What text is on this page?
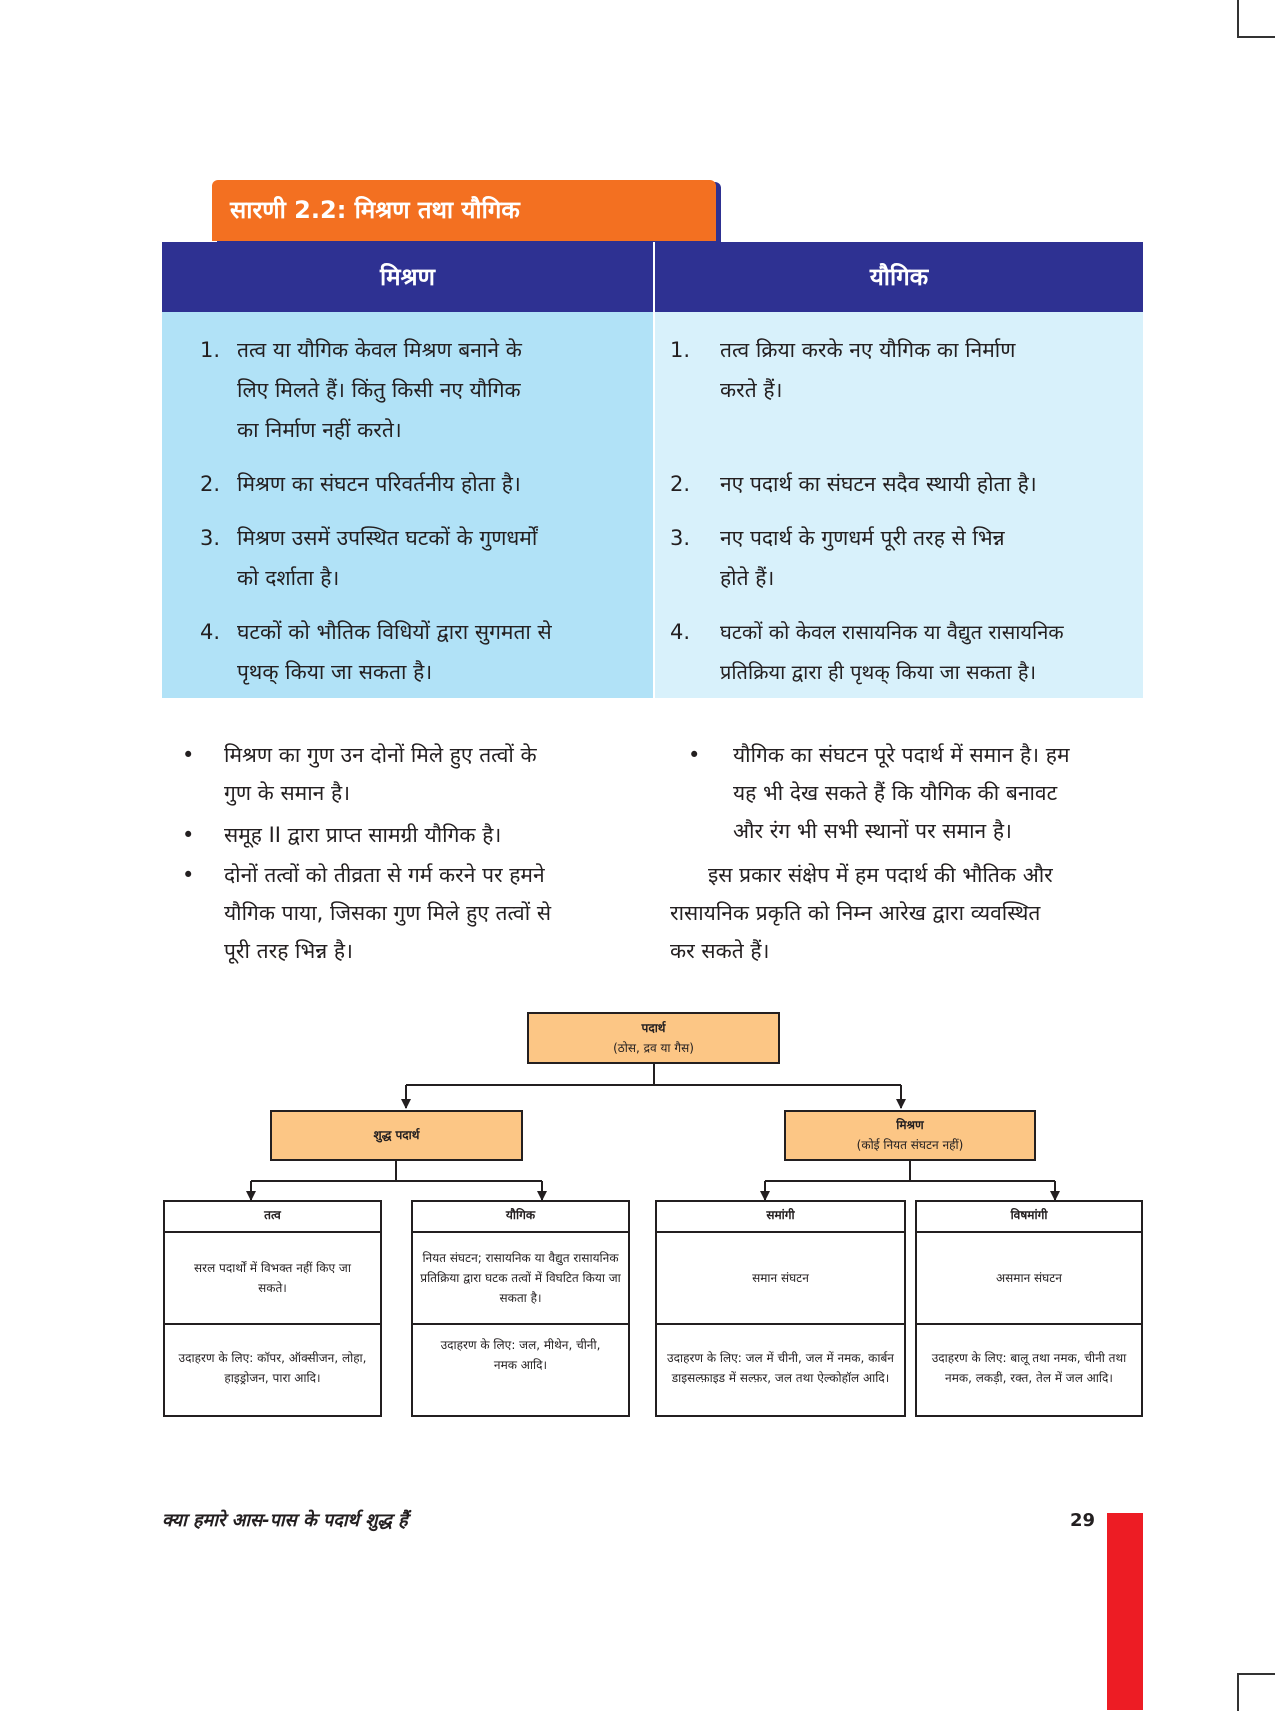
सारणी 2.2: मिश्रण तथा यौगिक
मिश्रण	यौगिक
1. तत्व या यौगिक केवल मिश्रण बनाने के
लिए मिलते हैं। किंतु किसी नए यौगिक
का निर्माण नहीं करते।
2. मिश्रण का संघटन परिवर्तनीय होता है।
3. मिश्रण उसमें उपस्थित घटकों के गुणधर्मों
को दर्शाता है।
4. घटकों को भौतिक विधियों द्वारा सुगमता से
पृथक् किया जा सकता है।
1. तत्व क्रिया करके नए यौगिक का निर्माण
करते हैं।
2. नए पदार्थ का संघटन सदैव स्थायी होता है।
3. नए पदार्थ के गुणधर्म पूरी तरह से भिन्न
होते हैं।
4. घटकों को केवल रासायनिक या वैद्युत रासायनिक
प्रतिक्रिया द्वारा ही पृथक् किया जा सकता है।
• मिश्रण का गुण उन दोनों मिले हुए तत्वों के
गुण के समान है।
• समूह II द्वारा प्राप्त सामग्री यौगिक है।
• दोनों तत्वों को तीव्रता से गर्म करने पर हमने
यौगिक पाया, जिसका गुण मिले हुए तत्वों से
पूरी तरह भिन्न है।
• यौगिक का संघटन पूरे पदार्थ में समान है। हम
यह भी देख सकते हैं कि यौगिक की बनावट
और रंग भी सभी स्थानों पर समान है।
इस प्रकार संक्षेप में हम पदार्थ की भौतिक और
रासायनिक प्रकृति को निम्न आरेख द्वारा व्यवस्थित
कर सकते हैं।
पदार्थ
(ठोस, द्रव या गैस)
शुद्ध पदार्थ
मिश्रण
(कोई नियत संघटन नहीं)
तत्व
सरल पदार्थों में विभक्त नहीं किए जा सकते।
उदाहरण के लिए: कॉपर, ऑक्सीजन, लोहा, हाइड्रोजन, पारा आदि।
यौगिक
नियत संघटन; रासायनिक या वैद्युत रासायनिक प्रतिक्रिया द्वारा घटक तत्वों में विघटित किया जा सकता है।
उदाहरण के लिए: जल, मीथेन, चीनी, नमक आदि।
समांगी
समान संघटन
उदाहरण के लिए: जल में चीनी, जल में नमक, कार्बन डाइसल्फ़ाइड में सल्फ़र, जल तथा ऐल्कोहॉल आदि।
विषमांगी
असमान संघटन
उदाहरण के लिए: बालू तथा नमक, चीनी तथा नमक, लकड़ी, रक्त, तेल में जल आदि।
क्या हमारे आस-पास के पदार्थ शुद्ध हैं	29
